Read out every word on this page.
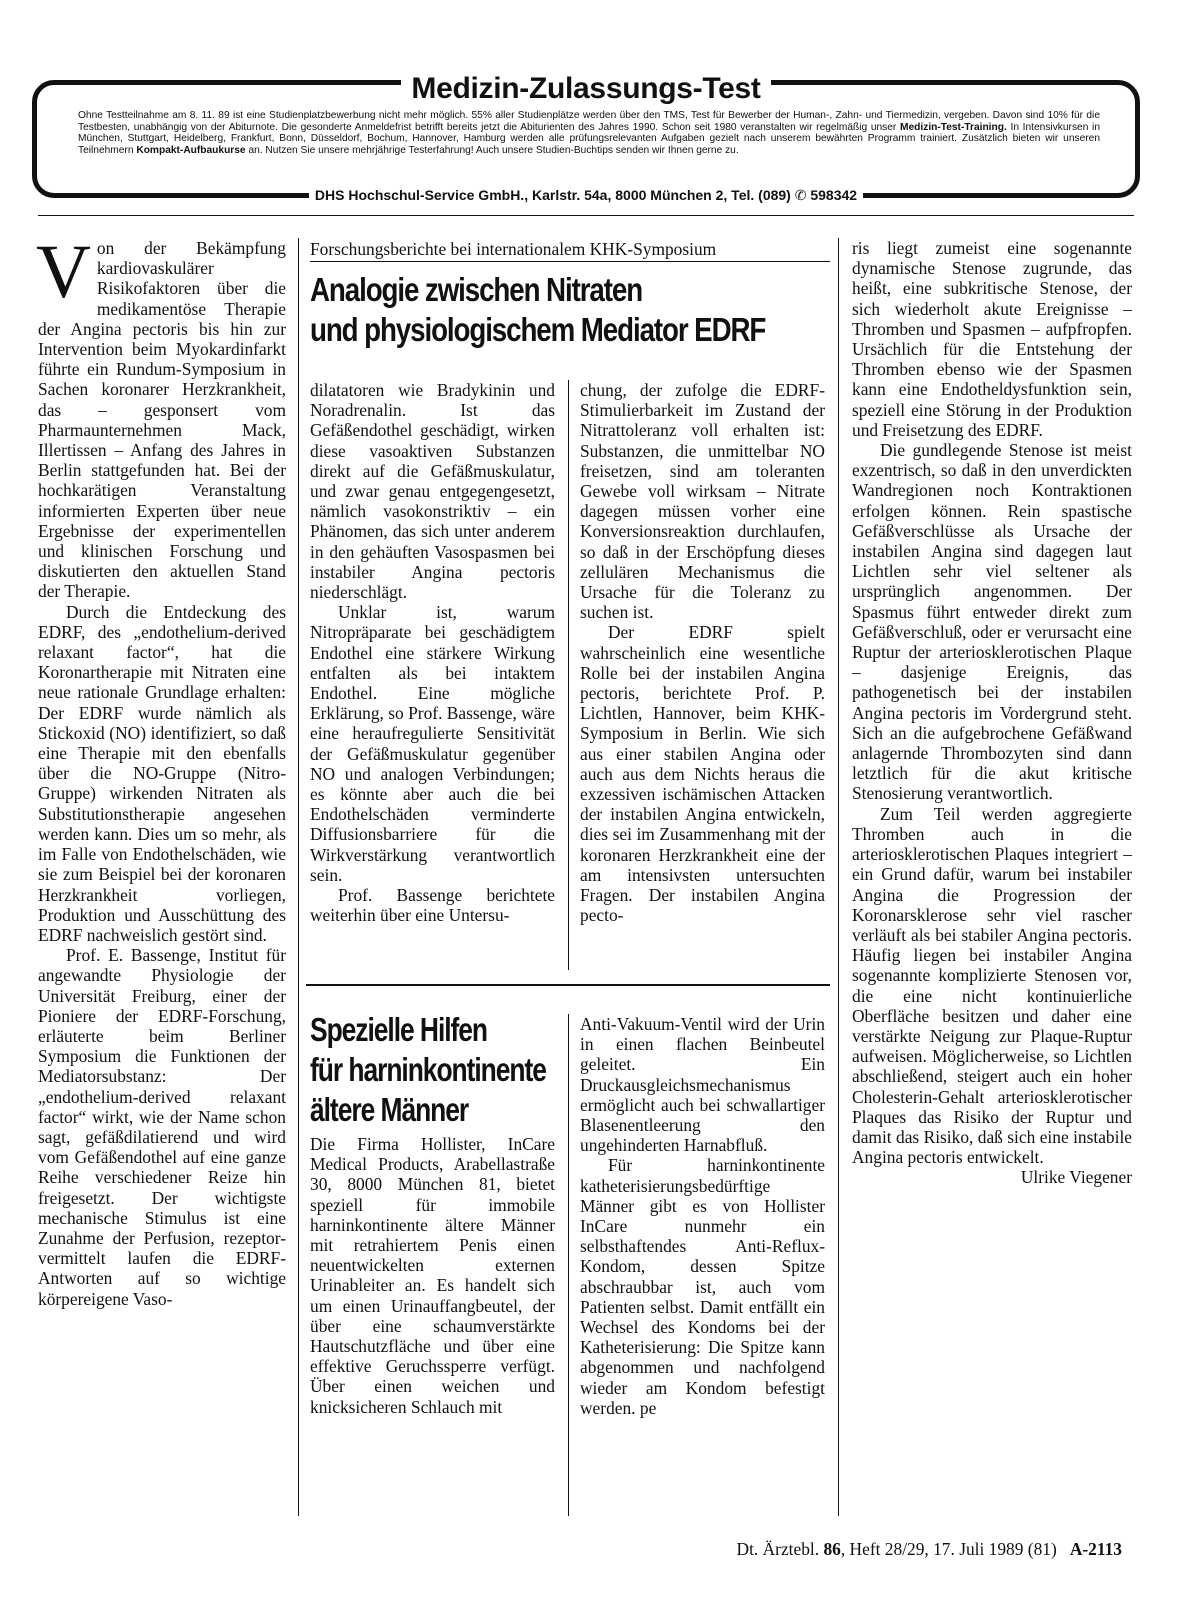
Medizin-Zulassungs-Test
Ohne Testteilnahme am 8. 11. 89 ist eine Studienplatzbewerbung nicht mehr möglich. 55% aller Studienplätze werden über den TMS, Test für Bewerber der Human-, Zahn- und Tiermedizin, vergeben. Davon sind 10% für die Testbesten, unabhängig von der Abiturnote. Die gesonderte Anmeldefrist betrifft bereits jetzt die Abiturienten des Jahres 1990. Schon seit 1980 veranstalten wir regelmäßig unser Medizin-Test-Training. In Intensivkursen in München, Stuttgart, Heidelberg, Frankfurt, Bonn, Düsseldorf, Bochum, Hannover, Hamburg werden alle prüfungsrelevanten Aufgaben gezielt nach unserem bewährten Programm trainiert. Zusätzlich bieten wir unseren Teilnehmern Kompakt-Aufbaukurse an. Nutzen Sie unsere mehrjährige Testerfahrung! Auch unsere Studien-Buchtips senden wir Ihnen gerne zu.
DHS Hochschul-Service GmbH., Karlstr. 54a, 8000 München 2, Tel. (089) ✆ 598342

Von der Bekämpfung kardiovaskulärer Risikofaktoren über die medikamentöse Therapie der Angina pectoris bis hin zur Intervention beim Myokardinfarkt führte ein Rundum-Symposium in Sachen koronarer Herzkrankheit, das – gesponsert vom Pharmaunternehmen Mack, Illertissen – Anfang des Jahres in Berlin stattgefunden hat. Bei der hochkarätigen Veranstaltung informierten Experten über neue Ergebnisse der experimentellen und klinischen Forschung und diskutierten den aktuellen Stand der Therapie.

Durch die Entdeckung des EDRF, des „endothelium-derived relaxant factor“, hat die Koronartherapie mit Nitraten eine neue rationale Grundlage erhalten: Der EDRF wurde nämlich als Stickoxid (NO) identifiziert, so daß eine Therapie mit den ebenfalls über die NO-Gruppe (Nitro-Gruppe) wirkenden Nitraten als Substitutionstherapie angesehen werden kann. Dies um so mehr, als im Falle von Endothelschäden, wie sie zum Beispiel bei der koronaren Herzkrankheit vorliegen, Produktion und Ausschüttung des EDRF nachweislich gestört sind.

Prof. E. Bassenge, Institut für angewandte Physiologie der Universität Freiburg, einer der Pioniere der EDRF-Forschung, erläuterte beim Berliner Symposium die Funktionen der Mediatorsubstanz: Der „endothelium-derived relaxant factor“ wirkt, wie der Name schon sagt, gefäßdilatierend und wird vom Gefäßendothel auf eine ganze Reihe verschiedener Reize hin freigesetzt. Der wichtigste mechanische Stimulus ist eine Zunahme der Perfusion, rezeptor-vermittelt laufen die EDRF-Antworten auf so wichtige körpereigene Vaso-

Forschungsberichte bei internationalem KHK-Symposium
Analogie zwischen Nitraten
und physiologischem Mediator EDRF

dilatatoren wie Bradykinin und Noradrenalin. Ist das Gefäßendothel geschädigt, wirken diese vasoaktiven Substanzen direkt auf die Gefäßmuskulatur, und zwar genau entgegengesetzt, nämlich vasokonstriktiv – ein Phänomen, das sich unter anderem in den gehäuften Vasospasmen bei instabiler Angina pectoris niederschlägt.

Unklar ist, warum Nitropräparate bei geschädigtem Endothel eine stärkere Wirkung entfalten als bei intaktem Endothel. Eine mögliche Erklärung, so Prof. Bassenge, wäre eine heraufregulierte Sensitivität der Gefäßmuskulatur gegenüber NO und analogen Verbindungen; es könnte aber auch die bei Endothelschäden verminderte Diffusionsbarriere für die Wirkverstärkung verantwortlich sein.

Prof. Bassenge berichtete weiterhin über eine Untersu-

chung, der zufolge die EDRF-Stimulierbarkeit im Zustand der Nitrattoleranz voll erhalten ist: Substanzen, die unmittelbar NO freisetzen, sind am toleranten Gewebe voll wirksam – Nitrate dagegen müssen vorher eine Konversionsreaktion durchlaufen, so daß in der Erschöpfung dieses zellulären Mechanismus die Ursache für die Toleranz zu suchen ist.

Der EDRF spielt wahrscheinlich eine wesentliche Rolle bei der instabilen Angina pectoris, berichtete Prof. P. Lichtlen, Hannover, beim KHK-Symposium in Berlin. Wie sich aus einer stabilen Angina oder auch aus dem Nichts heraus die exzessiven ischämischen Attacken der instabilen Angina entwickeln, dies sei im Zusammenhang mit der koronaren Herzkrankheit eine der am intensivsten untersuchten Fragen. Der instabilen Angina pecto-

ris liegt zumeist eine sogenannte dynamische Stenose zugrunde, das heißt, eine subkritische Stenose, der sich wiederholt akute Ereignisse – Thromben und Spasmen – aufpfropfen. Ursächlich für die Entstehung der Thromben ebenso wie der Spasmen kann eine Endotheldysfunktion sein, speziell eine Störung in der Produktion und Freisetzung des EDRF.

Die gundlegende Stenose ist meist exzentrisch, so daß in den unverdickten Wandregionen noch Kontraktionen erfolgen können. Rein spastische Gefäßverschlüsse als Ursache der instabilen Angina sind dagegen laut Lichtlen sehr viel seltener als ursprünglich angenommen. Der Spasmus führt entweder direkt zum Gefäßverschluß, oder er verursacht eine Ruptur der arteriosklerotischen Plaque – dasjenige Ereignis, das pathogenetisch bei der instabilen Angina pectoris im Vordergrund steht. Sich an die aufgebrochene Gefäßwand anlagernde Thrombozyten sind dann letztlich für die akut kritische Stenosierung verantwortlich.

Zum Teil werden aggregierte Thromben auch in die arteriosklerotischen Plaques integriert – ein Grund dafür, warum bei instabiler Angina die Progression der Koronarsklerose sehr viel rascher verläuft als bei stabiler Angina pectoris. Häufig liegen bei instabiler Angina sogenannte komplizierte Stenosen vor, die eine nicht kontinuierliche Oberfläche besitzen und daher eine verstärkte Neigung zur Plaque-Ruptur aufweisen. Möglicherweise, so Lichtlen abschließend, steigert auch ein hoher Cholesterin-Gehalt arteriosklerotischer Plaques das Risiko der Ruptur und damit das Risiko, daß sich eine instabile Angina pectoris entwickelt.
Ulrike Viegener

Spezielle Hilfen
für harninkontinente
ältere Männer

Die Firma Hollister, InCare Medical Products, Arabellastraße 30, 8000 München 81, bietet speziell für immobile harninkontinente ältere Männer mit retrahiertem Penis einen neuentwickelten externen Urinableiter an. Es handelt sich um einen Urinauffangbeutel, der über eine schaumverstärkte Hautschutzfläche und über eine effektive Geruchssperre verfügt. Über einen weichen und knicksicheren Schlauch mit

Anti-Vakuum-Ventil wird der Urin in einen flachen Beinbeutel geleitet. Ein Druckausgleichsmechanismus ermöglicht auch bei schwallartiger Blasenentleerung den ungehinderten Harnabfluß.

Für harninkontinente katheterisierungsbedürftige Männer gibt es von Hollister InCare nunmehr ein selbsthaftendes Anti-Reflux-Kondom, dessen Spitze abschraubbar ist, auch vom Patienten selbst. Damit entfällt ein Wechsel des Kondoms bei der Katheterisierung: Die Spitze kann abgenommen und nachfolgend wieder am Kondom befestigt werden. pe

Dt. Ärztebl. 86, Heft 28/29, 17. Juli 1989 (81) A-2113
